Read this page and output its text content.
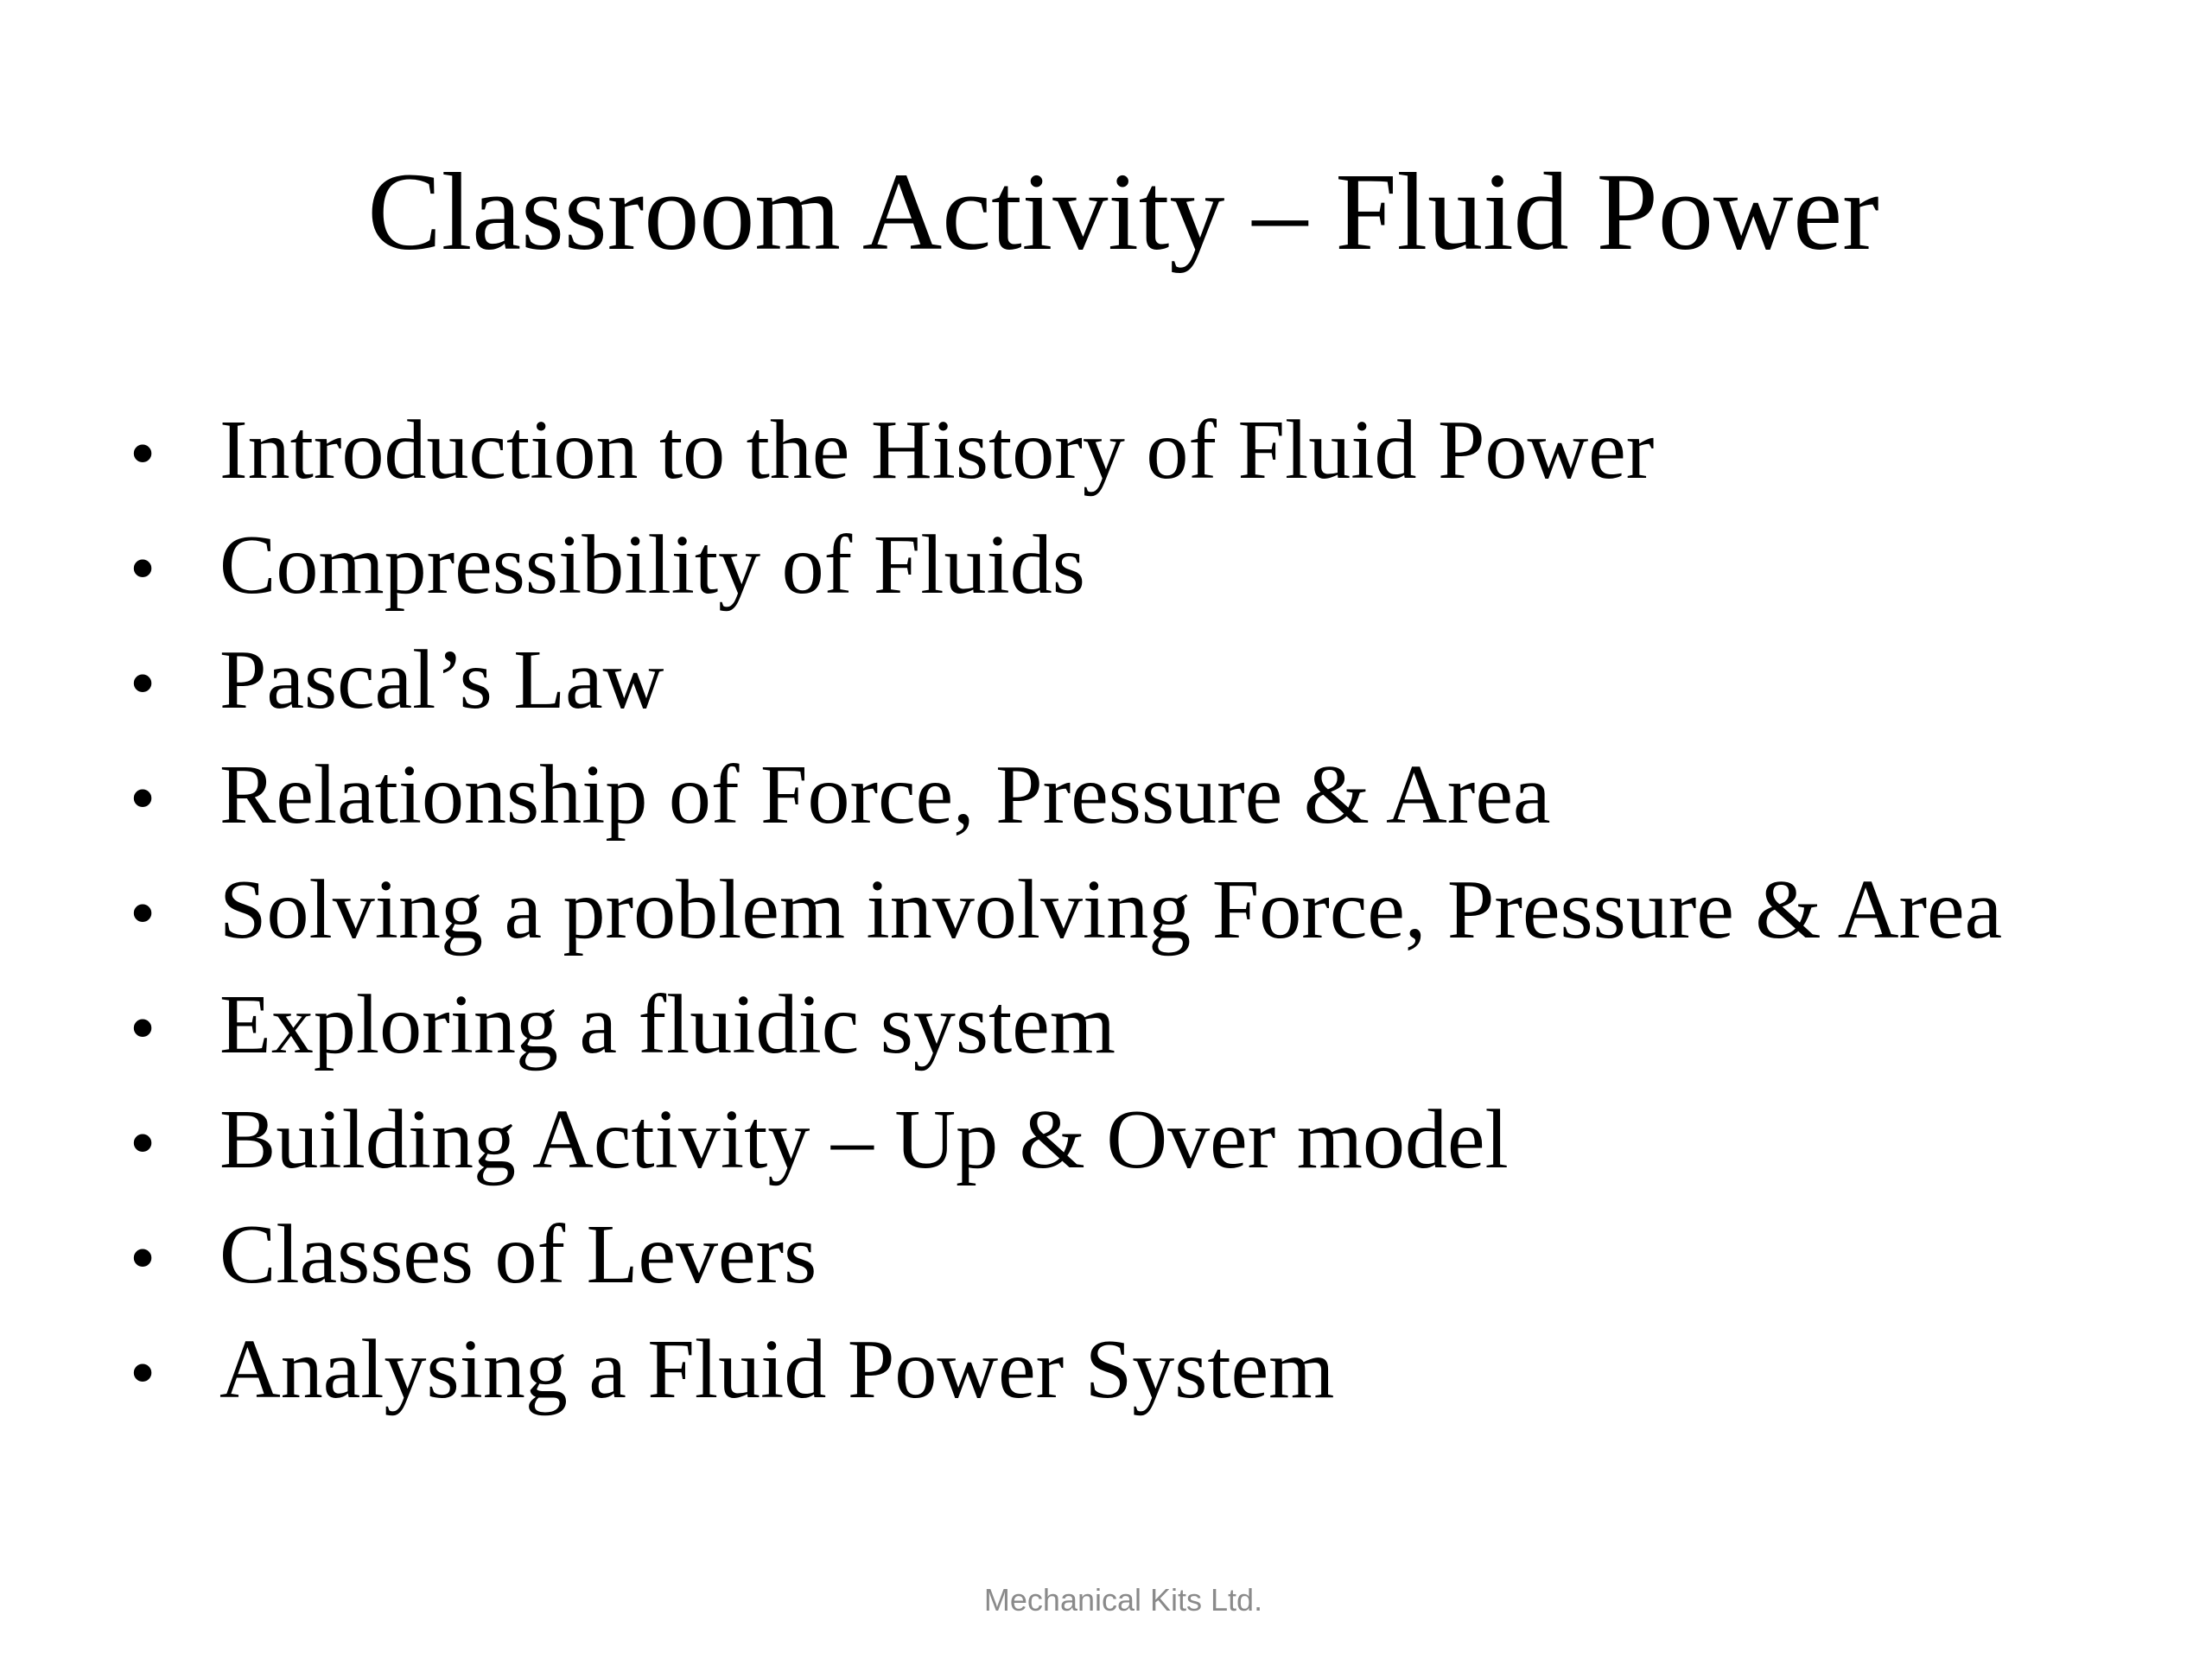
Classroom Activity – Fluid Power
• Introduction to the History of Fluid Power
• Compressibility of Fluids
• Pascal’s Law
• Relationship of Force, Pressure & Area
• Solving a problem involving Force, Pressure & Area
• Exploring a fluidic system
• Building Activity – Up & Over model
• Classes of Levers
• Analysing a Fluid Power System
Mechanical Kits Ltd.
